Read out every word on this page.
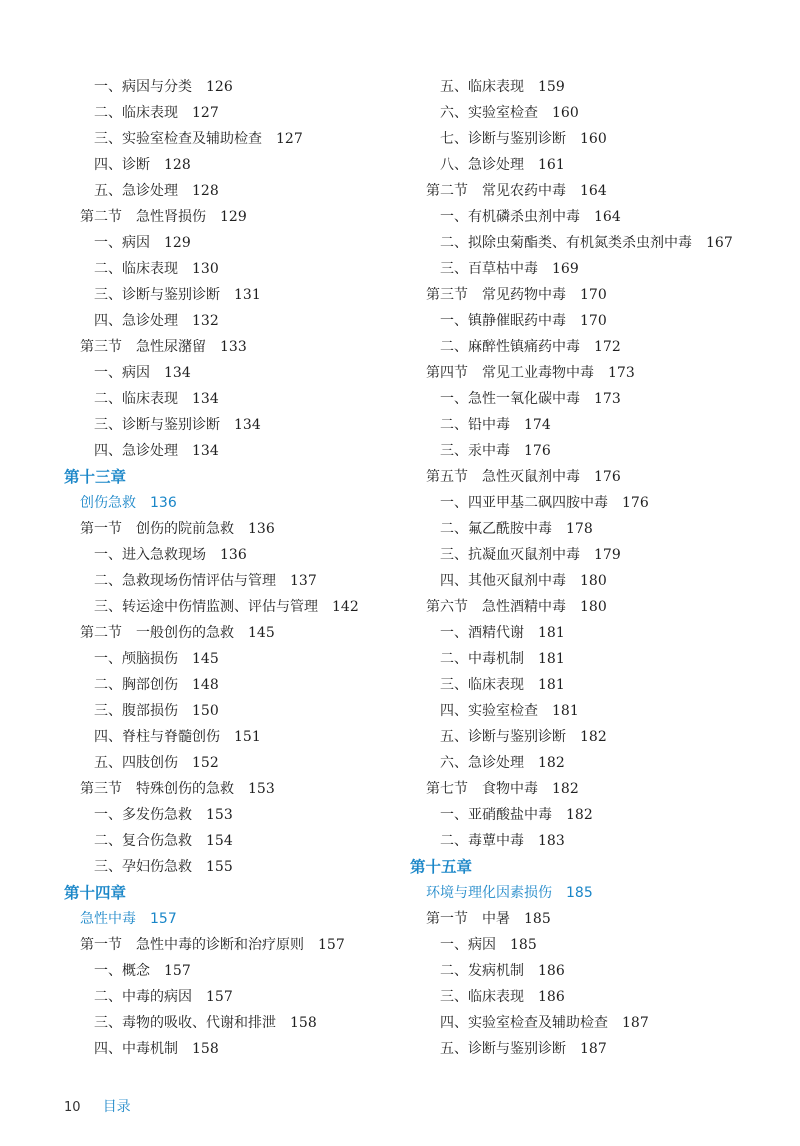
一、病因与分类 126
二、临床表现 127
三、实验室检查及辅助检查 127
四、诊断 128
五、急诊处理 128
第二节　急性肾损伤 129
一、病因 129
二、临床表现 130
三、诊断与鉴别诊断 131
四、急诊处理 132
第三节　急性尿潴留 133
一、病因 134
二、临床表现 134
三、诊断与鉴别诊断 134
四、急诊处理 134
第十三章
创伤急救 136
第一节　创伤的院前急救 136
一、进入急救现场 136
二、急救现场伤情评估与管理 137
三、转运途中伤情监测、评估与管理 142
第二节　一般创伤的急救 145
一、颅脑损伤 145
二、胸部创伤 148
三、腹部损伤 150
四、脊柱与脊髓创伤 151
五、四肢创伤 152
第三节　特殊创伤的急救 153
一、多发伤急救 153
二、复合伤急救 154
三、孕妇伤急救 155
第十四章
急性中毒 157
第一节　急性中毒的诊断和治疗原则 157
一、概念 157
二、中毒的病因 157
三、毒物的吸收、代谢和排泄 158
四、中毒机制 158
五、临床表现 159
六、实验室检查 160
七、诊断与鉴别诊断 160
八、急诊处理 161
第二节　常见农药中毒 164
一、有机磷杀虫剂中毒 164
二、拟除虫菊酯类、有机氮类杀虫剂中毒 167
三、百草枯中毒 169
第三节　常见药物中毒 170
一、镇静催眠药中毒 170
二、麻醉性镇痛药中毒 172
第四节　常见工业毒物中毒 173
一、急性一氧化碳中毒 173
二、铅中毒 174
三、汞中毒 176
第五节　急性灭鼠剂中毒 176
一、四亚甲基二砜四胺中毒 176
二、氟乙酰胺中毒 178
三、抗凝血灭鼠剂中毒 179
四、其他灭鼠剂中毒 180
第六节　急性酒精中毒 180
一、酒精代谢 181
二、中毒机制 181
三、临床表现 181
四、实验室检查 181
五、诊断与鉴别诊断 182
六、急诊处理 182
第七节　食物中毒 182
一、亚硝酸盐中毒 182
二、毒蕈中毒 183
第十五章
环境与理化因素损伤 185
第一节　中暑 185
一、病因 185
二、发病机制 186
三、临床表现 186
四、实验室检查及辅助检查 187
五、诊断与鉴别诊断 187
10 目录
